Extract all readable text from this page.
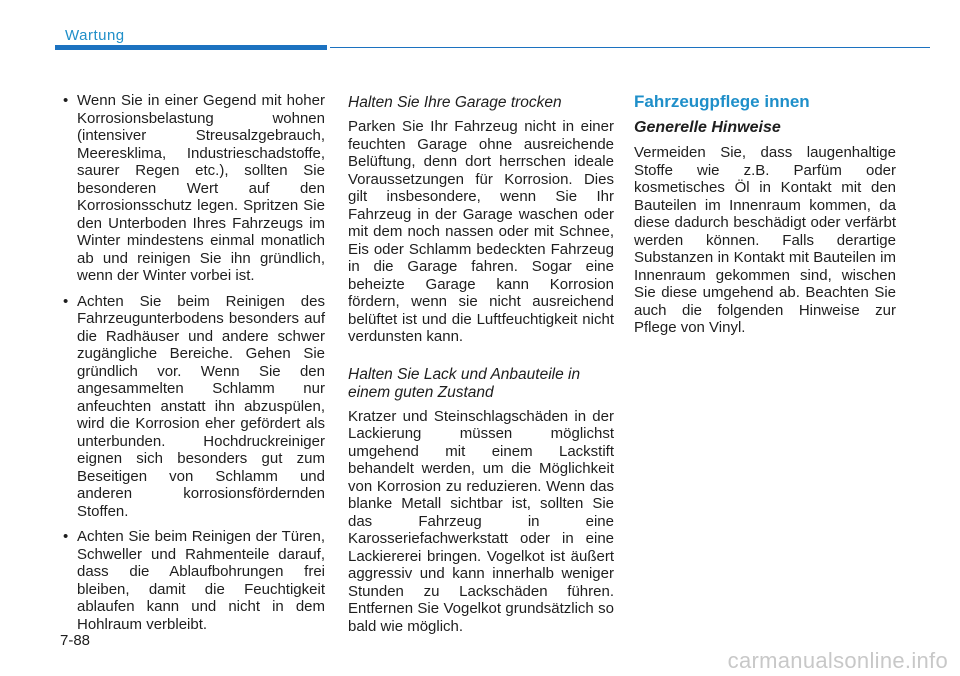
Wartung
• Wenn Sie in einer Gegend mit hoher Korrosionsbelastung wohnen (intensiver Streusalzgebrauch, Meeresklima, Industrieschadstoffe, saurer Regen etc.), sollten Sie besonderen Wert auf den Korrosionsschutz legen. Spritzen Sie den Unterboden Ihres Fahrzeugs im Winter mindestens einmal monatlich ab und reinigen Sie ihn gründlich, wenn der Winter vorbei ist.
• Achten Sie beim Reinigen des Fahrzeugunterbodens besonders auf die Radhäuser und andere schwer zugängliche Bereiche. Gehen Sie gründlich vor. Wenn Sie den angesammelten Schlamm nur anfeuchten anstatt ihn abzuspülen, wird die Korrosion eher gefördert als unterbunden. Hochdruckreiniger eignen sich besonders gut zum Beseitigen von Schlamm und anderen korrosionsfördernden Stoffen.
• Achten Sie beim Reinigen der Türen, Schweller und Rahmenteile darauf, dass die Ablaufbohrungen frei bleiben, damit die Feuchtigkeit ablaufen kann und nicht in dem Hohlraum verbleibt.
Halten Sie Ihre Garage trocken
Parken Sie Ihr Fahrzeug nicht in einer feuchten Garage ohne ausreichende Belüftung, denn dort herrschen ideale Voraussetzungen für Korrosion. Dies gilt insbesondere, wenn Sie Ihr Fahrzeug in der Garage waschen oder mit dem noch nassen oder mit Schnee, Eis oder Schlamm bedeckten Fahrzeug in die Garage fahren. Sogar eine beheizte Garage kann Korrosion fördern, wenn sie nicht ausreichend belüftet ist und die Luftfeuchtigkeit nicht verdunsten kann.
Halten Sie Lack und Anbauteile in einem guten Zustand
Kratzer und Steinschlagschäden in der Lackierung müssen möglichst umgehend mit einem Lackstift behandelt werden, um die Möglichkeit von Korrosion zu reduzieren. Wenn das blanke Metall sichtbar ist, sollten Sie das Fahrzeug in eine Karosseriefachwerkstatt oder in eine Lackiererei bringen. Vogelkot ist äußert aggressiv und kann innerhalb weniger Stunden zu Lackschäden führen. Entfernen Sie Vogelkot grundsätzlich so bald wie möglich.
Fahrzeugpflege innen
Generelle Hinweise
Vermeiden Sie, dass laugenhaltige Stoffe wie z.B. Parfüm oder kosmetisches Öl in Kontakt mit den Bauteilen im Innenraum kommen, da diese dadurch beschädigt oder verfärbt werden können. Falls derartige Substanzen in Kontakt mit Bauteilen im Innenraum gekommen sind, wischen Sie diese umgehend ab. Beachten Sie auch die folgenden Hinweise zur Pflege von Vinyl.
7-88
carmanualsonline.info
